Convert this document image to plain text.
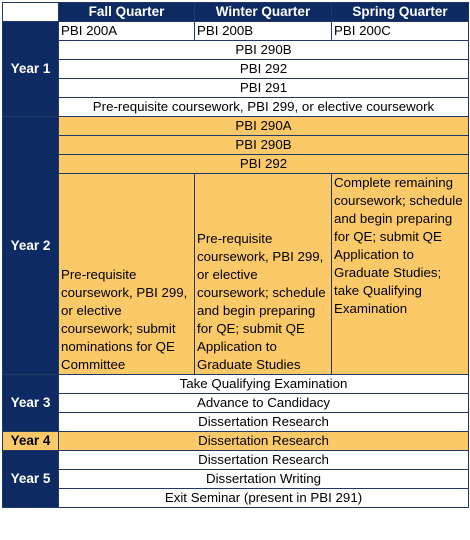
	Fall Quarter	Winter Quarter	Spring Quarter
Year 1	PBI 200A	PBI 200B	PBI 200C
	PBI 290B		
	PBI 292		
	PBI 291		
	Pre-requisite coursework, PBI 299, or elective coursework		
Year 2	PBI 290A		
	PBI 290B		
	PBI 292		
	Pre-requisite coursework, PBI 299, or elective coursework; submit nominations for QE Committee	Pre-requisite coursework, PBI 299, or elective coursework; schedule and begin preparing for QE; submit QE Application to Graduate Studies	Complete remaining coursework; schedule and begin preparing for QE; submit QE Application to Graduate Studies; take Qualifying Examination
Year 3	Take Qualifying Examination		
	Advance to Candidacy		
	Dissertation Research		
Year 4	Dissertation Research		
Year 5	Dissertation Research		
	Dissertation Writing		
	Exit Seminar (present in PBI 291)		
